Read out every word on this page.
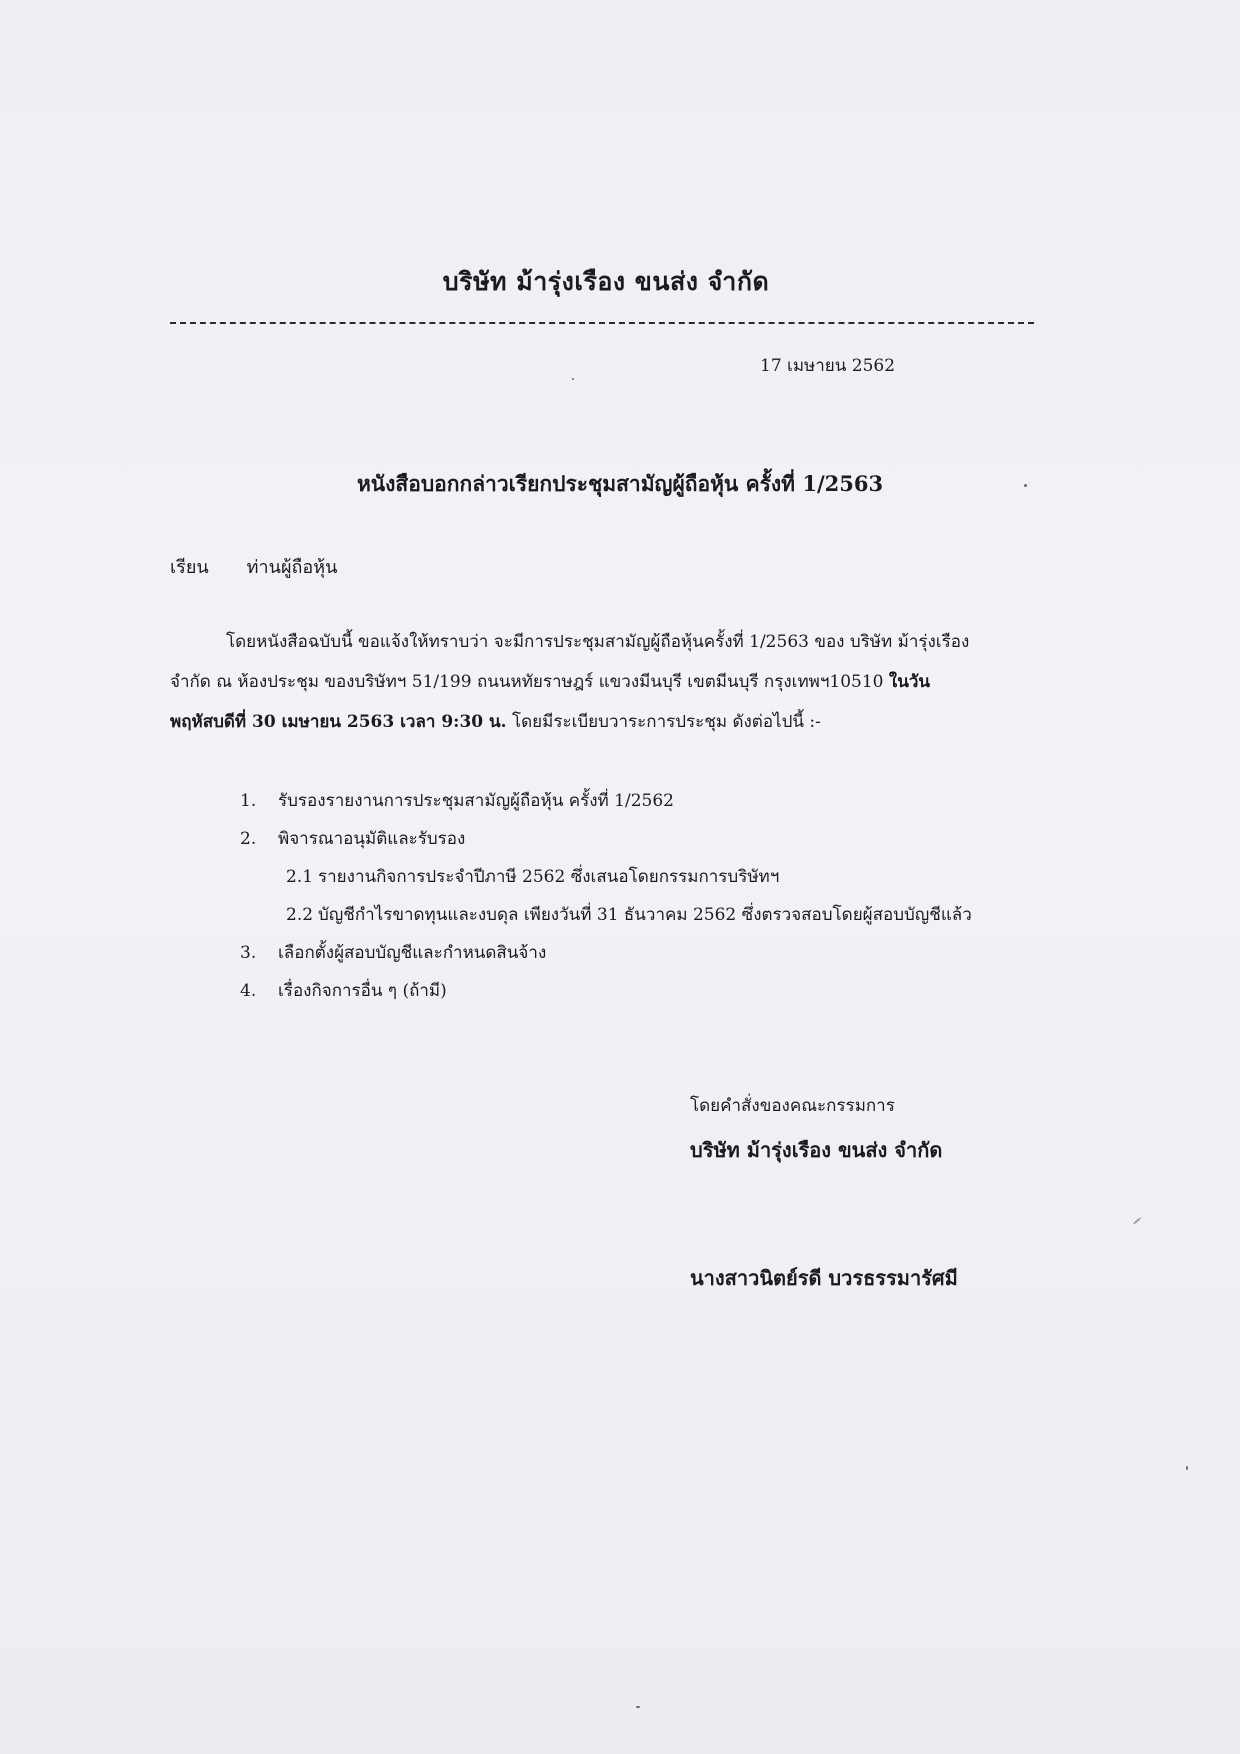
บริษัท ม้ารุ่งเรือง ขนส่ง จำกัด
17 เมษายน 2562
หนังสือบอกกล่าวเรียกประชุมสามัญผู้ถือหุ้น ครั้งที่ 1/2563
เรียน ท่านผู้ถือหุ้น

โดยหนังสือฉบับนี้ ขอแจ้งให้ทราบว่า จะมีการประชุมสามัญผู้ถือหุ้นครั้งที่ 1/2563 ของ บริษัท ม้ารุ่งเรือง

จำกัด ณ ห้องประชุม ของบริษัทฯ 51/199 ถนนหทัยราษฎร์ แขวงมีนบุรี เขตมีนบุรี กรุงเทพฯ10510 ในวัน

พฤหัสบดีที่ 30 เมษายน 2563 เวลา 9:30 น. โดยมีระเบียบวาระการประชุม ดังต่อไปนี้ :-

1. รับรองรายงานการประชุมสามัญผู้ถือหุ้น ครั้งที่ 1/2562
2. พิจารณาอนุมัติและรับรอง
2.1 รายงานกิจการประจำปีภาษี 2562 ซึ่งเสนอโดยกรรมการบริษัทฯ
2.2 บัญชีกำไรขาดทุนและงบดุล เพียงวันที่ 31 ธันวาคม 2562 ซึ่งตรวจสอบโดยผู้สอบบัญชีแล้ว
3. เลือกตั้งผู้สอบบัญชีและกำหนดสินจ้าง
4. เรื่องกิจการอื่น ๆ (ถ้ามี)
โดยคำสั่งของคณะกรรมการ
บริษัท ม้ารุ่งเรือง ขนส่ง จำกัด
นางสาวนิตย์รดี บวรธรรมารัศมี
